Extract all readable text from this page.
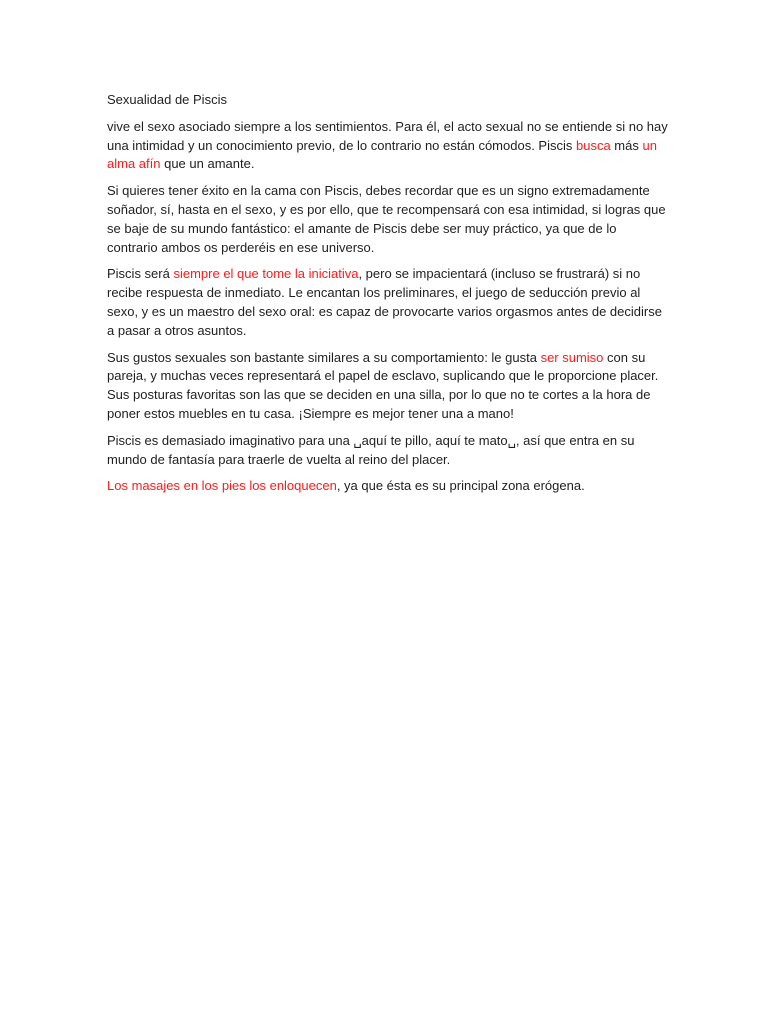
Sexualidad de Piscis

vive el sexo asociado siempre a los sentimientos. Para él, el acto sexual no se entiende si no hay una intimidad y un conocimiento previo, de lo contrario no están cómodos. Piscis busca más un alma afín que un amante.

Si quieres tener éxito en la cama con Piscis, debes recordar que es un signo extremadamente soñador, sí, hasta en el sexo, y es por ello, que te recompensará con esa intimidad, si logras que se baje de su mundo fantástico: el amante de Piscis debe ser muy práctico, ya que de lo contrario ambos os perderéis en ese universo.

Piscis será siempre el que tome la iniciativa, pero se impacientará (incluso se frustrará) si no recibe respuesta de inmediato. Le encantan los preliminares, el juego de seducción previo al sexo, y es un maestro del sexo oral: es capaz de provocarte varios orgasmos antes de decidirse a pasar a otros asuntos.

Sus gustos sexuales son bastante similares a su comportamiento: le gusta ser sumiso con su pareja, y muchas veces representará el papel de esclavo, suplicando que le proporcione placer. Sus posturas favoritas son las que se deciden en una silla, por lo que no te cortes a la hora de poner estos muebles en tu casa. ¡Siempre es mejor tener una a mano!

Piscis es demasiado imaginativo para una ␣aquí te pillo, aquí te mato␣, así que entra en su mundo de fantasía para traerle de vuelta al reino del placer.

Los masajes en los pies los enloquecen, ya que ésta es su principal zona erógena.
